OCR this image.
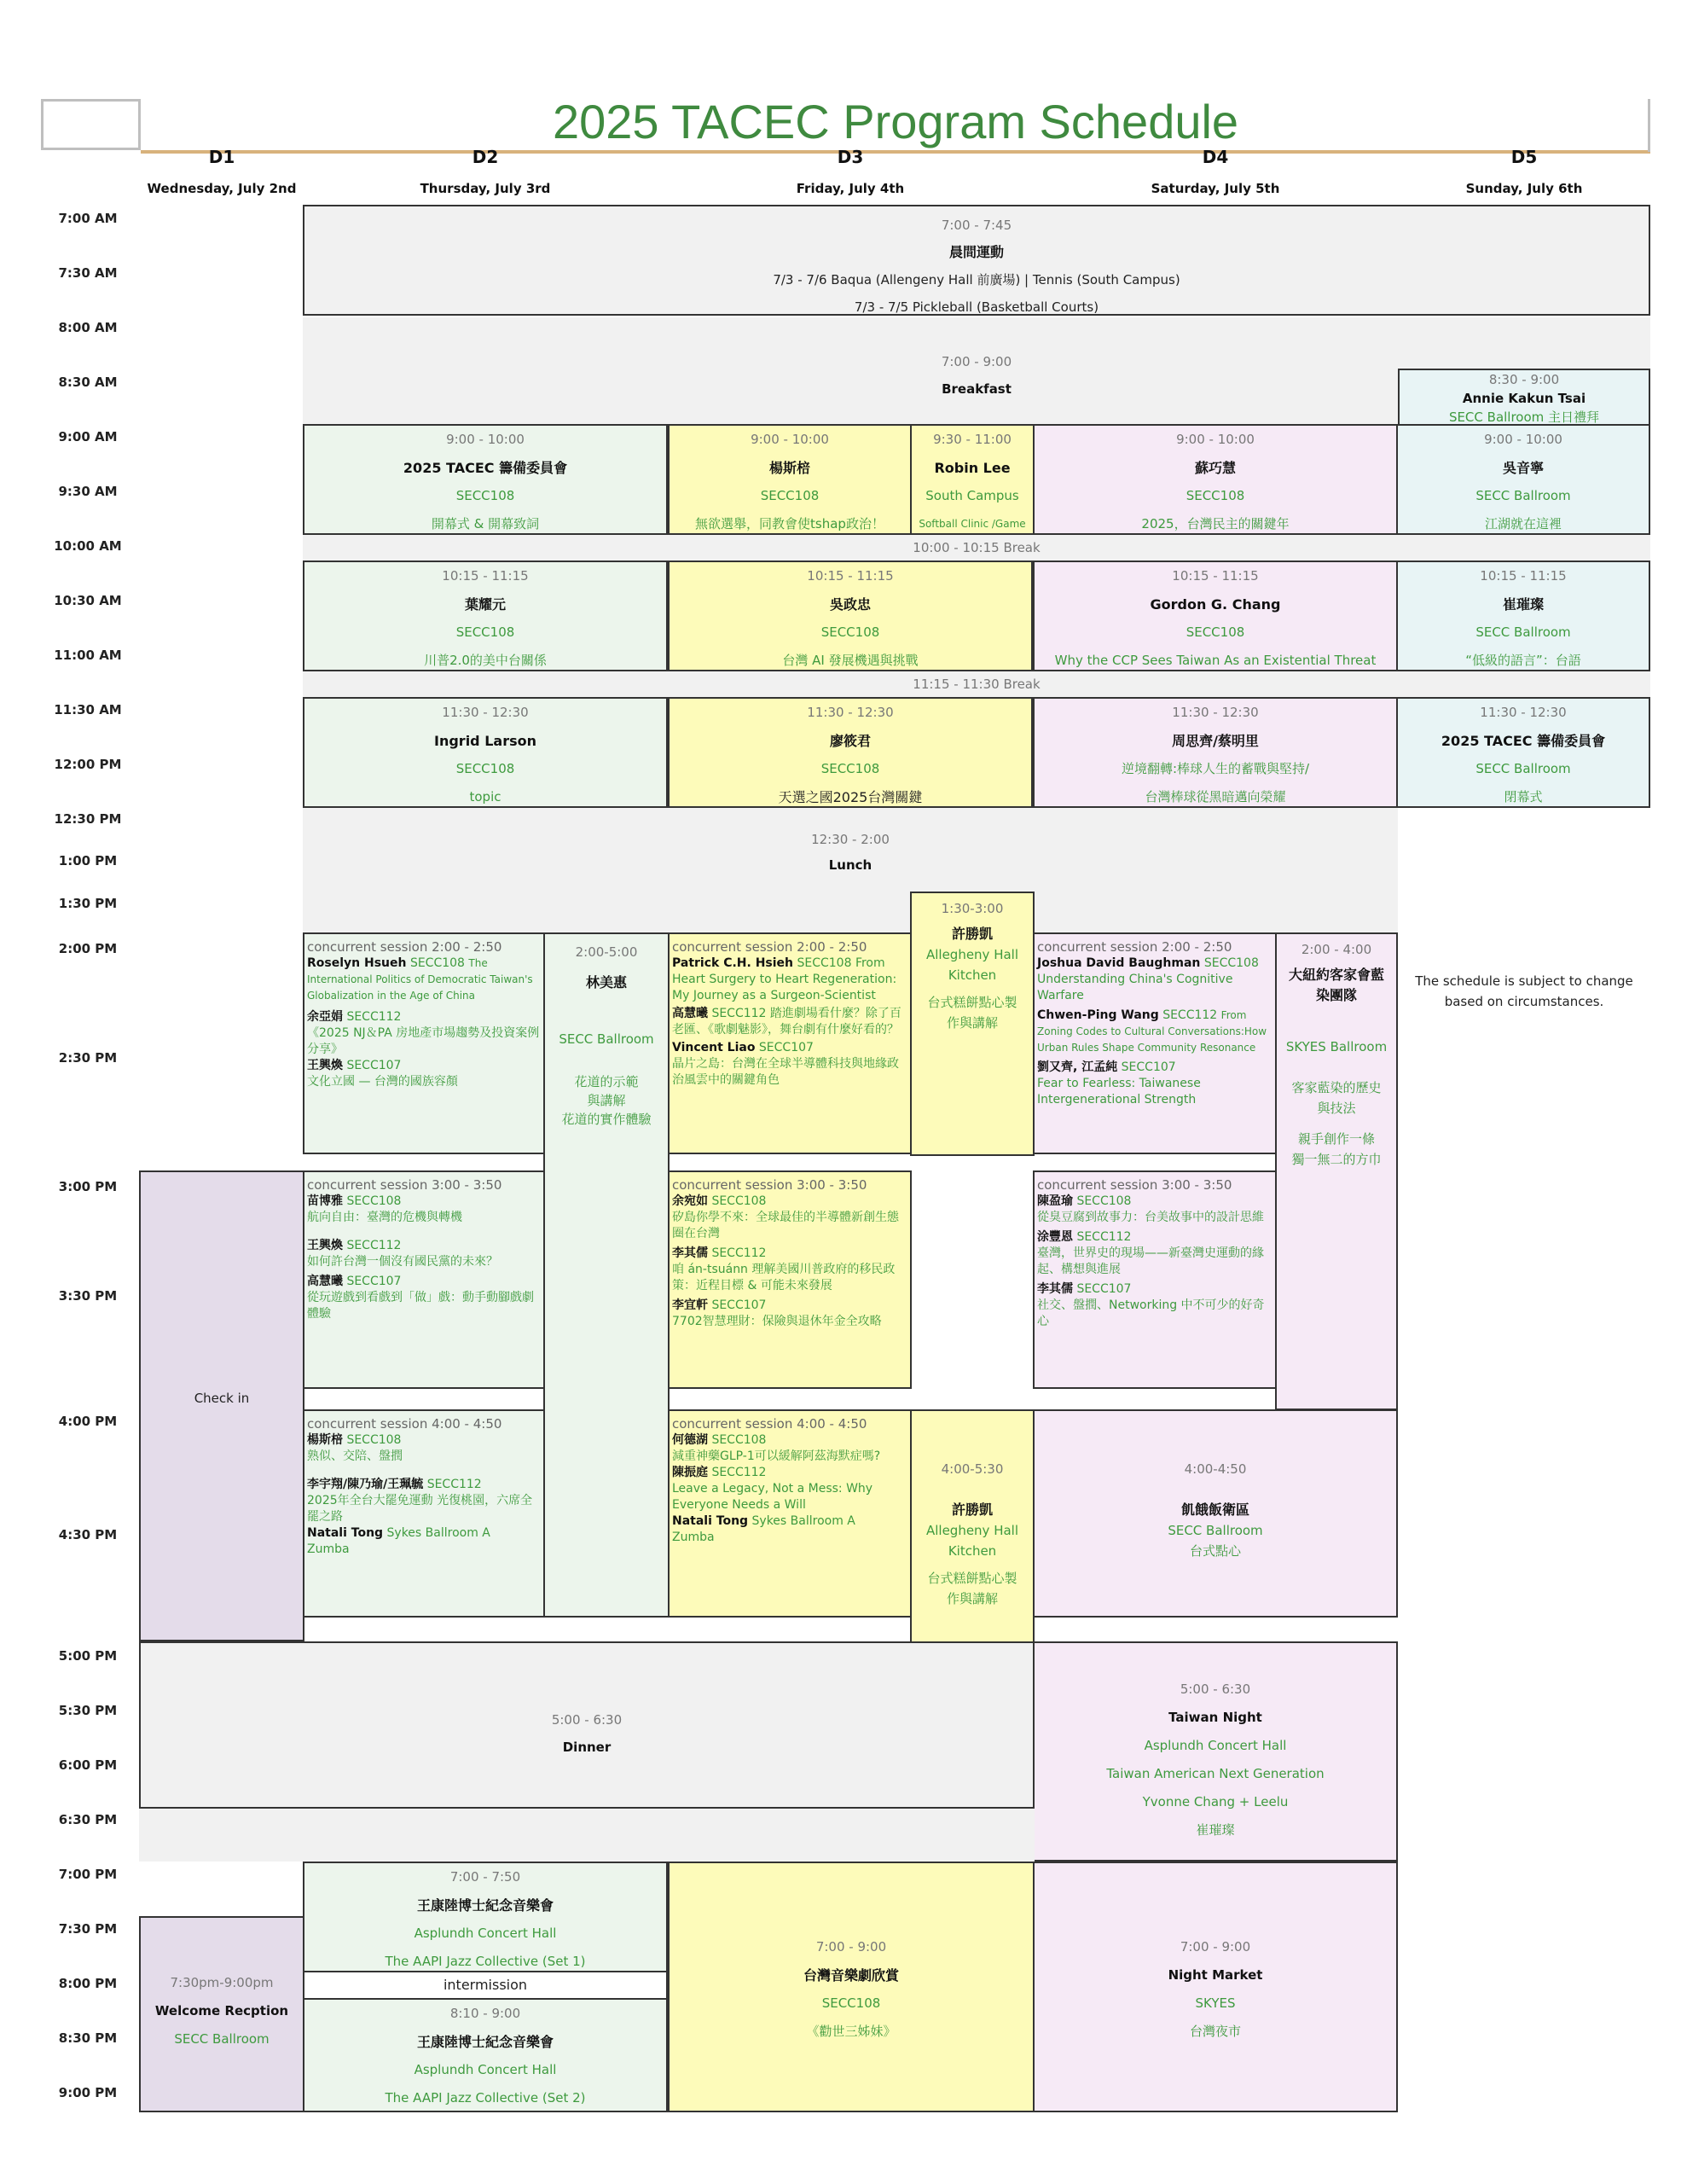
2025 TACEC Program Schedule
D1
Wednesday, July 2nd
D2
Thursday, July 3rd
D3
Friday, July 4th
D4
Saturday, July 5th
D5
Sunday, July 6th
7:00 AM
7:30 AM
8:00 AM
8:30 AM
9:00 AM
9:30 AM
10:00 AM
10:30 AM
11:00 AM
11:30 AM
12:00 PM
12:30 PM
1:00 PM
1:30 PM
2:00 PM
2:30 PM
3:00 PM
3:30 PM
4:00 PM
4:30 PM
5:00 PM
5:30 PM
6:00 PM
6:30 PM
7:00 PM
7:30 PM
8:00 PM
8:30 PM
9:00 PM
7:00 - 7:45
晨間運動
7/3 - 7/6 Baqua (Allengeny Hall 前廣場) | Tennis (South Campus)
7/3 - 7/5 Pickleball (Basketball Courts)
7:00 - 9:00
Breakfast
8:30 - 9:00
Annie Kakun Tsai
SECC Ballroom 主日禮拜
9:00 - 10:00
2025 TACEC 籌備委員會
SECC108
開幕式 & 開幕致詞
9:00 - 10:00
楊斯棓
SECC108
無欲選舉，同教會使tshap政治！
9:30 - 11:00
Robin Lee
South Campus
Softball Clinic /Game
9:00 - 10:00
蘇巧慧
SECC108
2025，台灣民主的關鍵年
9:00 - 10:00
吳音寧
SECC Ballroom
江湖就在這裡
10:00 - 10:15 Break
10:15 - 11:15
葉耀元
SECC108
川普2.0的美中台關係
10:15 - 11:15
吳政忠
SECC108
台灣 AI 發展機遇與挑戰
10:15 - 11:15
Gordon G. Chang
SECC108
Why the CCP Sees Taiwan As an Existential Threat
10:15 - 11:15
崔璀璨
SECC Ballroom
“低級的語言”：台語
11:15 - 11:30 Break
11:30 - 12:30
Ingrid Larson
SECC108
topic
11:30 - 12:30
廖筱君
SECC108
天選之國2025台灣關鍵
11:30 - 12:30
周思齊/蔡明里
逆境翻轉:棒球人生的蓄戰與堅持/
台灣棒球從黑暗邁向榮耀
11:30 - 12:30
2025 TACEC 籌備委員會
SECC Ballroom
閉幕式
12:30 - 2:00
Lunch
concurrent session 2:00 - 2:50
Roselyn Hsueh SECC108 The International Politics of Democratic Taiwan's Globalization in the Age of China
余亞娟 SECC112
《2025 NJ＆PA 房地產市場趨勢及投資案例分享》
王興煥 SECC107
文化立國 — 台灣的國族容顏
2:00-5:00
林美惠
SECC Ballroom
花道的示範
與講解
花道的實作體驗
concurrent session 2:00 - 2:50
Patrick C.H. Hsieh SECC108 From Heart Surgery to Heart Regeneration: My Journey as a Surgeon-Scientist
高慧曦 SECC112 踏進劇場看什麼？除了百老匯、《歌劇魅影》，舞台劇有什麼好看的？
Vincent Liao SECC107
晶片之島：台灣在全球半導體科技與地緣政治風雲中的關鍵角色
1:30-3:00
許勝凱
Allegheny Hall
Kitchen
台式糕餅點心製
作與講解
concurrent session 2:00 - 2:50
Joshua David Baughman SECC108
Understanding China's Cognitive Warfare
Chwen-Ping Wang SECC112 From Zoning Codes to Cultural Conversations:How Urban Rules Shape Community Resonance
劉又齊, 江孟純 SECC107
Fear to Fearless: Taiwanese Intergenerational Strength
2:00 - 4:00
大紐約客家會藍染團隊
SKYES Ballroom
客家藍染的歷史
與技法
親手創作一條
獨一無二的方巾
The schedule is subject to change
based on circumstances.
Check in
concurrent session 3:00 - 3:50
苗博雅 SECC108
航向自由：臺灣的危機與轉機
王興煥 SECC112
如何許台灣一個沒有國民黨的未來？
高慧曦 SECC107
從玩遊戲到看戲到「做」戲：動手動腳戲劇體驗
concurrent session 3:00 - 3:50
余宛如 SECC108
矽島你學不來：全球最佳的半導體新創生態圈在台灣
李其儒 SECC112
咱 án-tsuánn 理解美國川普政府的移民政策：近程目標 & 可能未來發展
李宜軒 SECC107
7702智慧理財：保險與退休年金全攻略
concurrent session 3:00 - 3:50
陳盈瑜 SECC108
從臭豆腐到故事力：台美故事中的設計思維
涂豐恩 SECC112
臺灣，世界史的現場——新臺灣史運動的緣起、構想與進展
李其儒 SECC107
社交、盤撋、Networking 中不可少的好奇心
concurrent session 4:00 - 4:50
楊斯棓 SECC108
熟似、交陪、盤撋
李宇翔/陳乃瑜/王珮毓 SECC112
2025年全台大罷免運動 光復桃園，六席全罷之路
Natali Tong Sykes Ballroom A
Zumba
concurrent session 4:00 - 4:50
何德湖 SECC108
減重神藥GLP-1可以緩解阿茲海默症嗎?
陳振庭 SECC112
Leave a Legacy, Not a Mess: Why Everyone Needs a Will
Natali Tong Sykes Ballroom A
Zumba
4:00-5:30
許勝凱
Allegheny Hall
Kitchen
台式糕餅點心製
作與講解
4:00-4:50
飢餓飯衛區
SECC Ballroom
台式點心
5:00 - 6:30
Dinner
5:00 - 6:30
Taiwan Night
Asplundh Concert Hall
Taiwan American Next Generation
Yvonne Chang + Leelu
崔璀璨
7:00 - 7:50
王康陸博士紀念音樂會
Asplundh Concert Hall
The AAPI Jazz Collective (Set 1)
intermission
8:10 - 9:00
王康陸博士紀念音樂會
Asplundh Concert Hall
The AAPI Jazz Collective (Set 2)
7:30pm-9:00pm
Welcome Recption
SECC Ballroom
7:00 - 9:00
台灣音樂劇欣賞
SECC108
《勸世三姊妹》
7:00 - 9:00
Night Market
SKYES
台灣夜市
